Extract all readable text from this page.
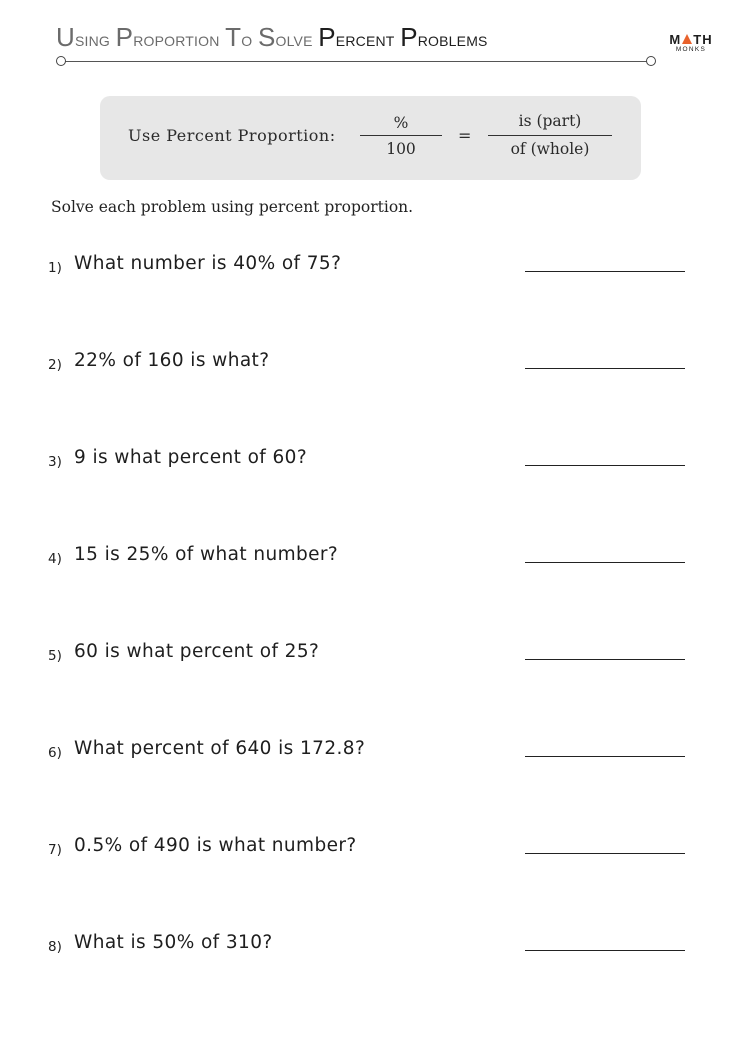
Using Proportion To Solve Percent Problems	M TH
MONKS
Use Percent Proportion:
%
100
=
is (part)
of (whole)
Solve each problem using percent proportion.
1) What number is 40% of 75?
2) 22% of 160 is what?
3) 9 is what percent of 60?
4) 15 is 25% of what number?
5) 60 is what percent of 25?
6) What percent of 640 is 172.8?
7) 0.5% of 490 is what number?
8) What is 50% of 310?
